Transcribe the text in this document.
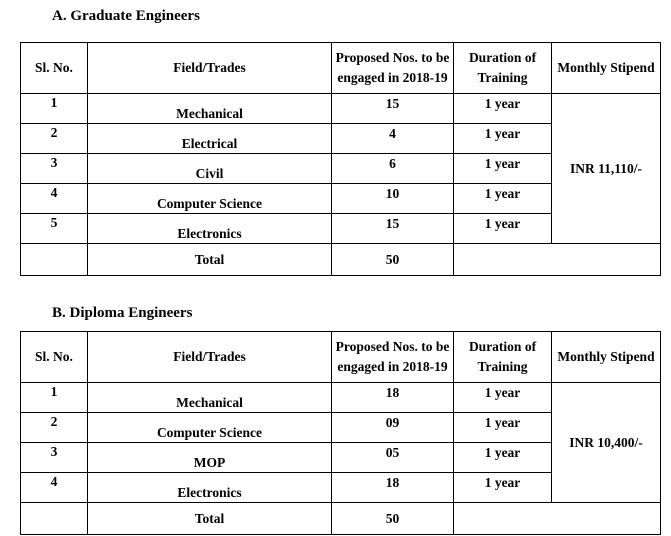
A. Graduate Engineers
Sl. No.	Field/Trades	Proposed Nos. to be engaged in 2018-19	Duration of Training	Monthly Stipend
1	Mechanical	15	1 year	INR 11,110/-
2	Electrical	4	1 year	
3	Civil	6	1 year	
4	Computer Science	10	1 year	
5	Electronics	15	1 year	
	Total	50		
B. Diploma Engineers
Sl. No.	Field/Trades	Proposed Nos. to be engaged in 2018-19	Duration of Training	Monthly Stipend
1	Mechanical	18	1 year	INR 10,400/-
2	Computer Science	09	1 year	
3	MOP	05	1 year	
4	Electronics	18	1 year	
	Total	50		
